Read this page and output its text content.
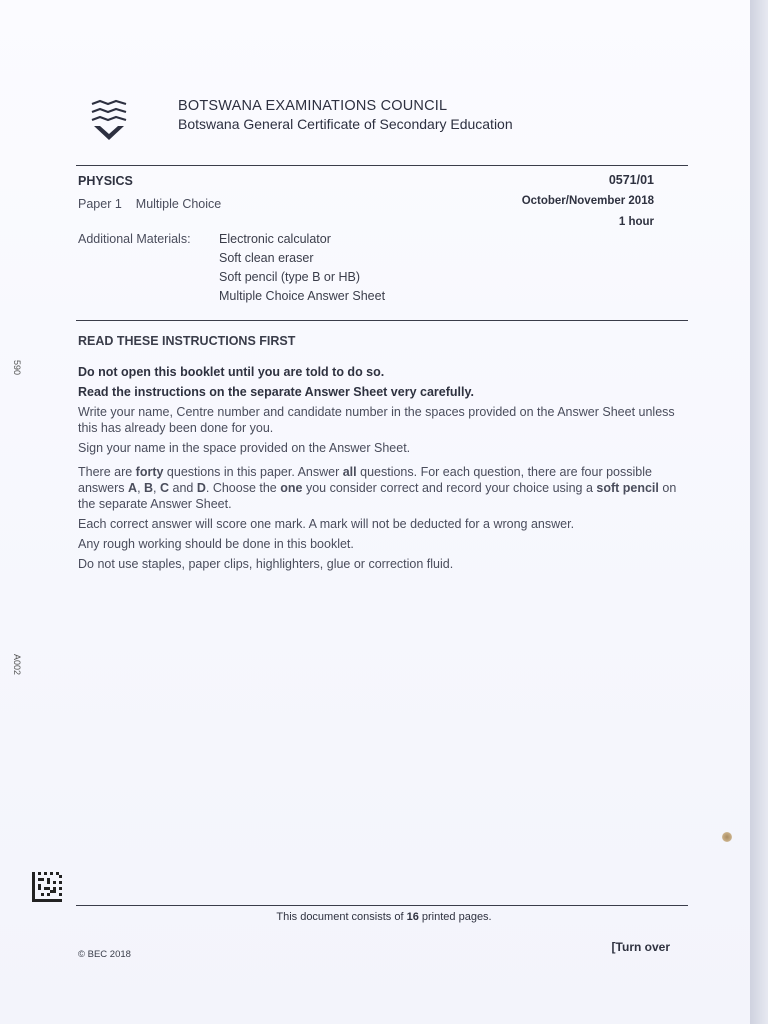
BOTSWANA EXAMINATIONS COUNCIL
Botswana General Certificate of Secondary Education
PHYSICS	0571/01
Paper 1 Multiple Choice	October/November 2018
1 hour
Additional Materials: Electronic calculator
Soft clean eraser
Soft pencil (type B or HB)
Multiple Choice Answer Sheet
READ THESE INSTRUCTIONS FIRST

Do not open this booklet until you are told to do so.

Read the instructions on the separate Answer Sheet very carefully.

Write your name, Centre number and candidate number in the spaces provided on the Answer Sheet unless this has already been done for you.

Sign your name in the space provided on the Answer Sheet.

There are forty questions in this paper. Answer all questions. For each question, there are four possible answers A, B, C and D. Choose the one you consider correct and record your choice using a soft pencil on the separate Answer Sheet.

Each correct answer will score one mark. A mark will not be deducted for a wrong answer.

Any rough working should be done in this booklet.

Do not use staples, paper clips, highlighters, glue or correction fluid.

590
A002
This document consists of 16 printed pages.
[Turn over
© BEC 2018
